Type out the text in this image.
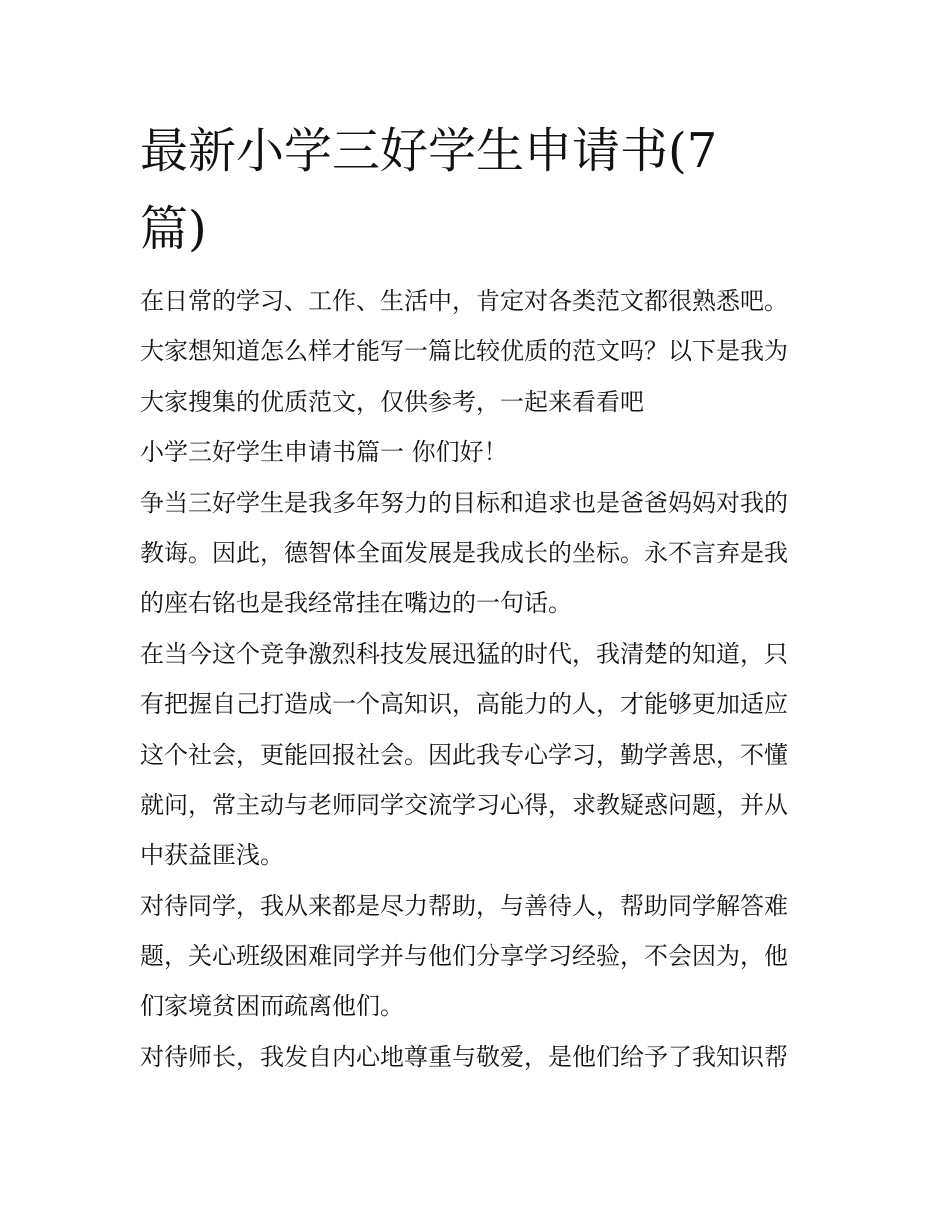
最新小学三好学生申请书(7
篇)
在日常的学习、工作、生活中，肯定对各类范文都很熟悉吧。
大家想知道怎么样才能写一篇比较优质的范文吗？以下是我为
大家搜集的优质范文，仅供参考，一起来看看吧
小学三好学生申请书篇一 你们好！
争当三好学生是我多年努力的目标和追求也是爸爸妈妈对我的
教诲。因此，德智体全面发展是我成长的坐标。永不言弃是我
的座右铭也是我经常挂在嘴边的一句话。
在当今这个竞争激烈科技发展迅猛的时代，我清楚的知道，只
有把握自己打造成一个高知识，高能力的人，才能够更加适应
这个社会，更能回报社会。因此我专心学习，勤学善思，不懂
就问，常主动与老师同学交流学习心得，求教疑惑问题，并从
中获益匪浅。
对待同学，我从来都是尽力帮助，与善待人，帮助同学解答难
题，关心班级困难同学并与他们分享学习经验，不会因为，他
们家境贫困而疏离他们。
对待师长，我发自内心地尊重与敬爱，是他们给予了我知识帮
